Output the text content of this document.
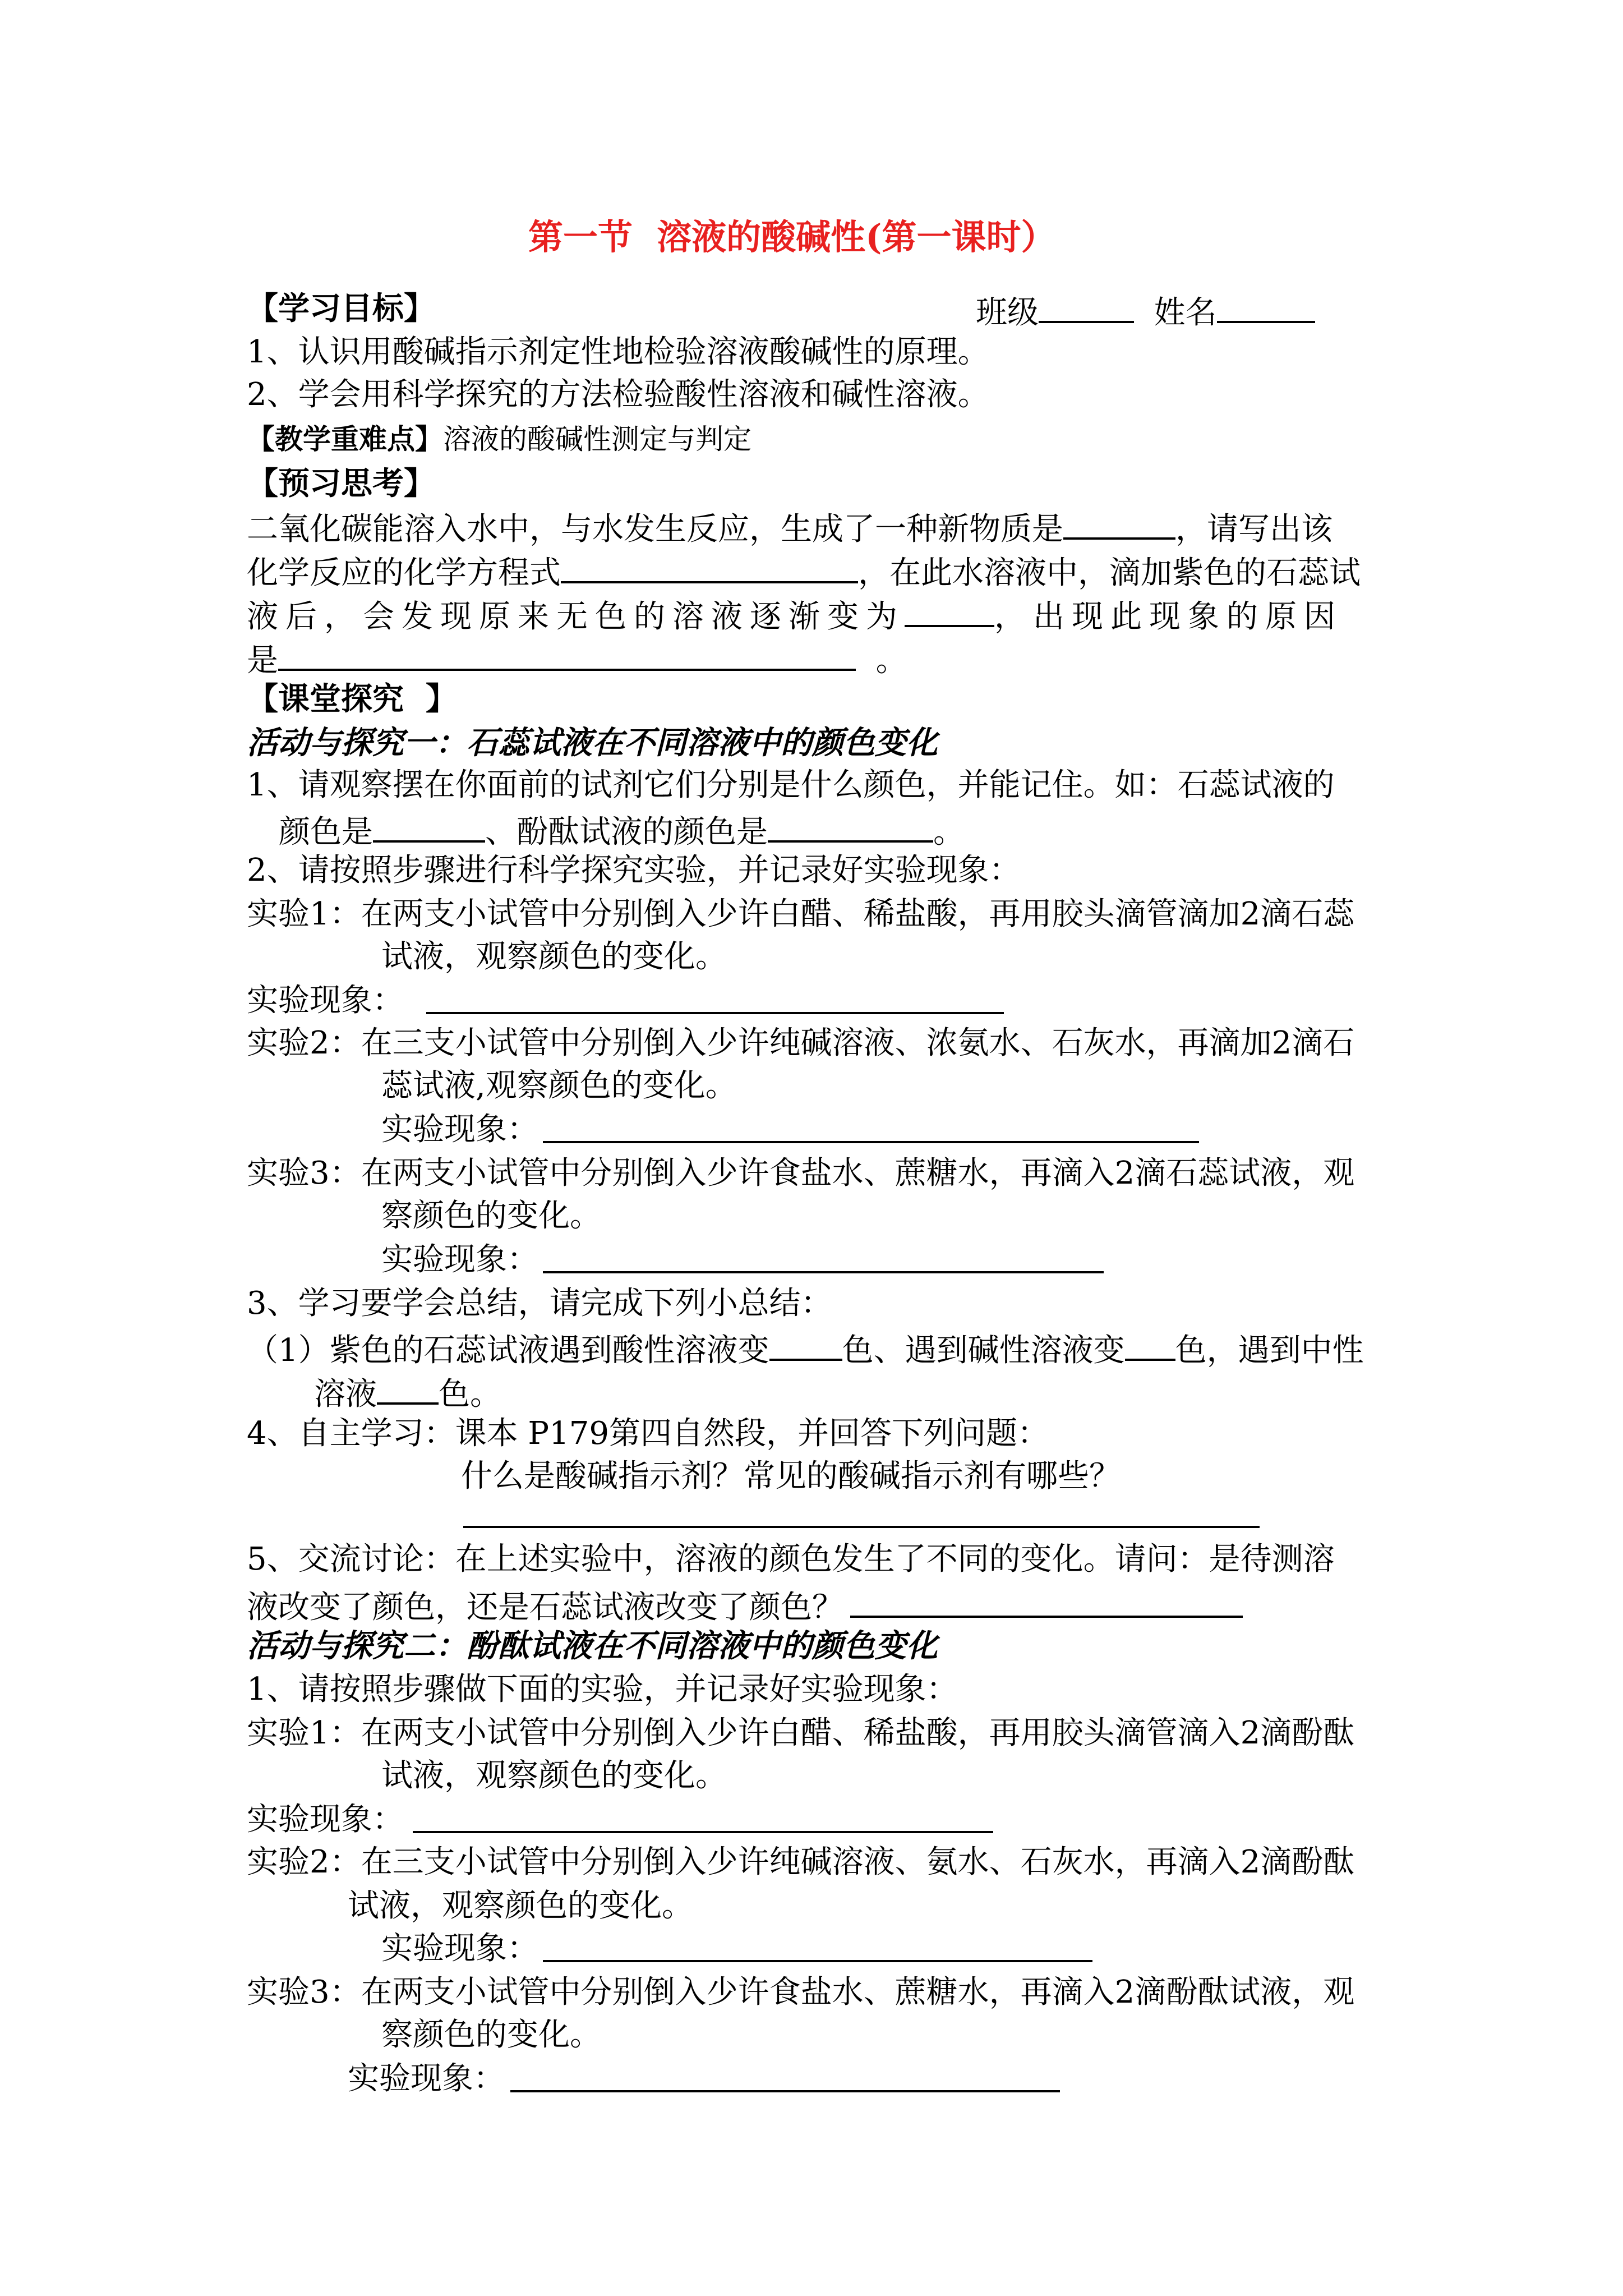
第一节  溶液的酸碱性(第一课时）
【学习目标】	班级	姓名
1、认识用酸碱指示剂定性地检验溶液酸碱性的原理。
2、学会用科学探究的方法检验酸性溶液和碱性溶液。
【教学重难点】溶液的酸碱性测定与判定
【预习思考】
二氧化碳能溶入水中，与水发生反应，生成了一种新物质是	，请写出该
化学反应的化学方程式	，在此水溶液中，滴加紫色的石蕊试
液后，会发现原来无色的溶液逐渐变为	，出现此现象的原因
是	。
【课堂探究  】
活动与探究一：石蕊试液在不同溶液中的颜色变化
1、请观察摆在你面前的试剂它们分别是什么颜色，并能记住。如：石蕊试液的
颜色是	、酚酞试液的颜色是	。
2、请按照步骤进行科学探究实验，并记录好实验现象：
实验1：在两支小试管中分别倒入少许白醋、稀盐酸，再用胶头滴管滴加2滴石蕊
试液，观察颜色的变化。
实验现象：
实验2：在三支小试管中分别倒入少许纯碱溶液、浓氨水、石灰水，再滴加2滴石
蕊试液,观察颜色的变化。
实验现象：
实验3：在两支小试管中分别倒入少许食盐水、蔗糖水，再滴入2滴石蕊试液，观
察颜色的变化。
实验现象：
3、学习要学会总结，请完成下列小总结：
（1）紫色的石蕊试液遇到酸性溶液变 色、遇到碱性溶液变 色，遇到中性
溶液 色。
4、自主学习：课本 P179第四自然段，并回答下列问题：
什么是酸碱指示剂？常见的酸碱指示剂有哪些？
5、交流讨论：在上述实验中，溶液的颜色发生了不同的变化。请问：是待测溶
液改变了颜色，还是石蕊试液改变了颜色？
活动与探究二：酚酞试液在不同溶液中的颜色变化
1、请按照步骤做下面的实验，并记录好实验现象：
实验1：在两支小试管中分别倒入少许白醋、稀盐酸，再用胶头滴管滴入2滴酚酞
试液，观察颜色的变化。
实验现象：
实验2：在三支小试管中分别倒入少许纯碱溶液、氨水、石灰水，再滴入2滴酚酞
试液，观察颜色的变化。
实验现象：
实验3：在两支小试管中分别倒入少许食盐水、蔗糖水，再滴入2滴酚酞试液，观
察颜色的变化。
实验现象：
